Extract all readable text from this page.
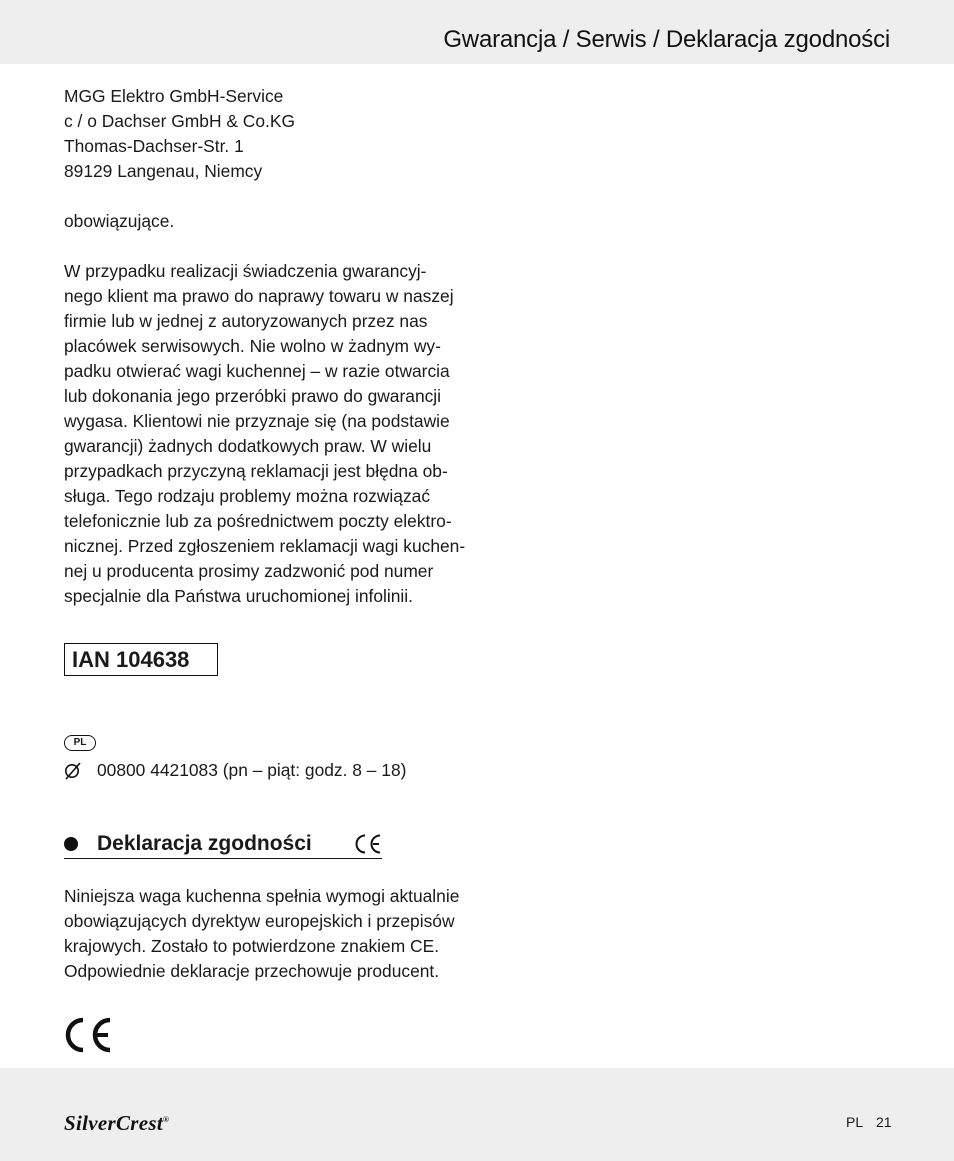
Gwarancja / Serwis / Deklaracja zgodności

MGG Elektro GmbH-Service

c / o Dachser GmbH & Co.KG

Thomas-Dachser-Str. 1

89129 Langenau, Niemcy

obowiązujące.

W przypadku realizacji świadczenia gwarancyj-

nego klient ma prawo do naprawy towaru w naszej

firmie lub w jednej z autoryzowanych przez nas

placówek serwisowych. Nie wolno w żadnym wy-

padku otwierać wagi kuchennej – w razie otwarcia

lub dokonania jego przeróbki prawo do gwarancji

wygasa. Klientowi nie przyznaje się (na podstawie

gwarancji) żadnych dodatkowych praw. W wielu

przypadkach przyczyną reklamacji jest błędna ob-

sługa. Tego rodzaju problemy można rozwiązać

telefonicznie lub za pośrednictwem poczty elektro-

nicznej. Przed zgłoszeniem reklamacji wagi kuchen-

nej u producenta prosimy zadzwonić pod numer

specjalnie dla Państwa uruchomionej infolinii.

IAN 104638
PL
00800 4421083 (pn – piąt: godz. 8 – 18)
Deklaracja zgodności

Niniejsza waga kuchenna spełnia wymogi aktualnie

obowiązujących dyrektyw europejskich i przepisów

krajowych. Zostało to potwierdzone znakiem CE.

Odpowiednie deklaracje przechowuje producent.

SilverCrest®	PL 21
